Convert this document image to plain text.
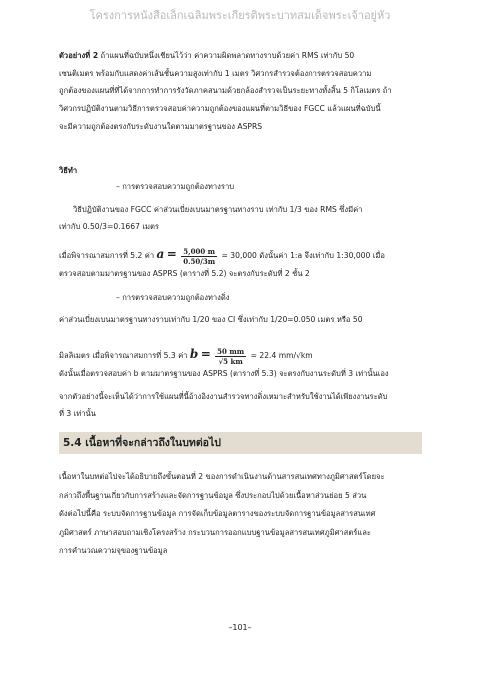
โครงการหนังสือเล็กเฉลิมพระเกียรติพระบาทสมเด็จพระเจ้าอยู่หัว

ตัวอย่างที่ 2 ถ้าแผนที่ฉบับหนึ่งเชียนไว้ว่า ค่าความผิดพลาดทางราบด้วยค่า RMS เท่ากับ 50

เซนติเมตร พร้อมกับแสดงค่าเส้นชั้นความสูงเท่ากับ 1 เมตร วิศวกรสำรวจต้องการตรวจสอบความ

ถูกต้องของแผนที่ที่ได้จากการทำการรังวัดภาคสนามด้วยกล้องสำรวจเป็นระยะทางทั้งสิ้น 5 กิโลเมตร ถ้า

วิศวกรปฏิบัติงานตามวิธีการตรวจสอบค่าความถูกต้องของแผนที่ตามวิธีของ FGCC แล้วแผนที่ฉบับนี้

จะมีความถูกต้องตรงกับระดับงานใดตามมาตรฐานของ ASPRS

วิธีทำ

– การตรวจสอบความถูกต้องทางราบ

วิธีปฏิบัติงานของ FGCC ค่าส่วนเบี่ยงเบนมาตรฐานทางราบ เท่ากับ 1/3 ของ RMS ซึ่งมีค่า

เท่ากับ 0.50/3=0.1667 เมตร

เมื่อพิจารณาสมการที่ 5.2 ค่า $a = \frac{5,000 m}{0.50/3m} = 30,000$ ดังนั้นค่า 1:a จึงเท่ากับ 1:30,000 เมื่อ

ตรวจสอบตามมาตรฐานของ ASPRS (ตารางที่ 5.2) จะตรงกับระดับที่ 2 ชั้น 2

– การตรวจสอบความถูกต้องทางดิ่ง

ค่าส่วนเบี่ยงเบนมาตรฐานทางราบเท่ากับ 1/20 ของ CI ซึ่งเท่ากับ 1/20=0.050 เมตร หรือ 50

มิลลิเมตร เมื่อพิจารณาสมการที่ 5.3 ค่า $b = \frac{50 mm}{√5 km} = 22.4$ mm/√km

ดังนั้นเมื่อตรวจสอบค่า b ตามมาตรฐานของ ASPRS (ตารางที่ 5.3) จะตรงกับงานระดับที่ 3 เท่านั้นเอง

จากตัวอย่างนี้จะเห็นได้ว่าการใช้แผนที่นี้อ้างอิงงานสำรวจทางดิ่งเหมาะสำหรับใช้งานได้เพียงงานระดับ

ที่ 3 เท่านั้น

5.4 เนื้อหาที่จะกล่าวถึงในบทต่อไป

เนื้อหาในบทต่อไปจะได้อธิบายถึงขั้นตอนที่ 2 ของการดำเนินงานด้านสารสนเทศทางภูมิศาสตร์โดยจะ

กล่าวถึงพื้นฐานเกี่ยวกับการสร้างและจัดการฐานข้อมูล ซึ่งประกอบไปด้วยเนื้อหาส่วนย่อย 5 ส่วน

ดังต่อไปนี้คือ ระบบจัดการฐานข้อมูล การจัดเก็บข้อมูลตารางของระบบจัดการฐานข้อมูลสารสนเทศ

ภูมิศาสตร์ ภาษาสอบถามเชิงโครงสร้าง กระบวนการออกแบบฐานข้อมูลสารสนเทศภูมิศาสตร์และ

การคำนวณความจุของฐานข้อมูล

–101–
